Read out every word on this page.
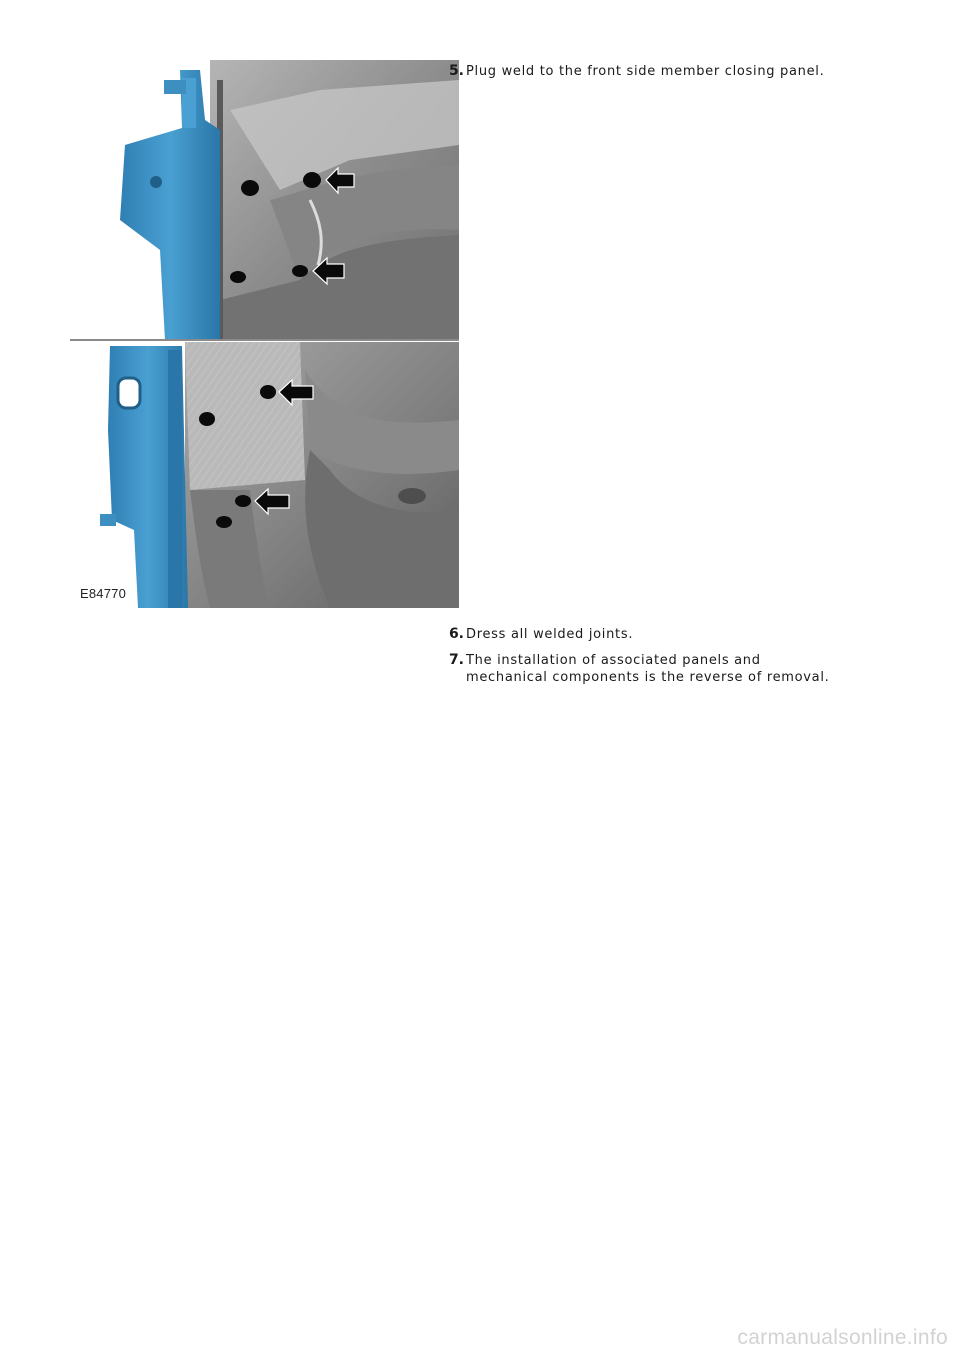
E84770
5. Plug weld to the front side member closing panel.
6. Dress all welded joints.
7. The installation of associated panels and mechanical components is the reverse of removal.
carmanualsonline.info
